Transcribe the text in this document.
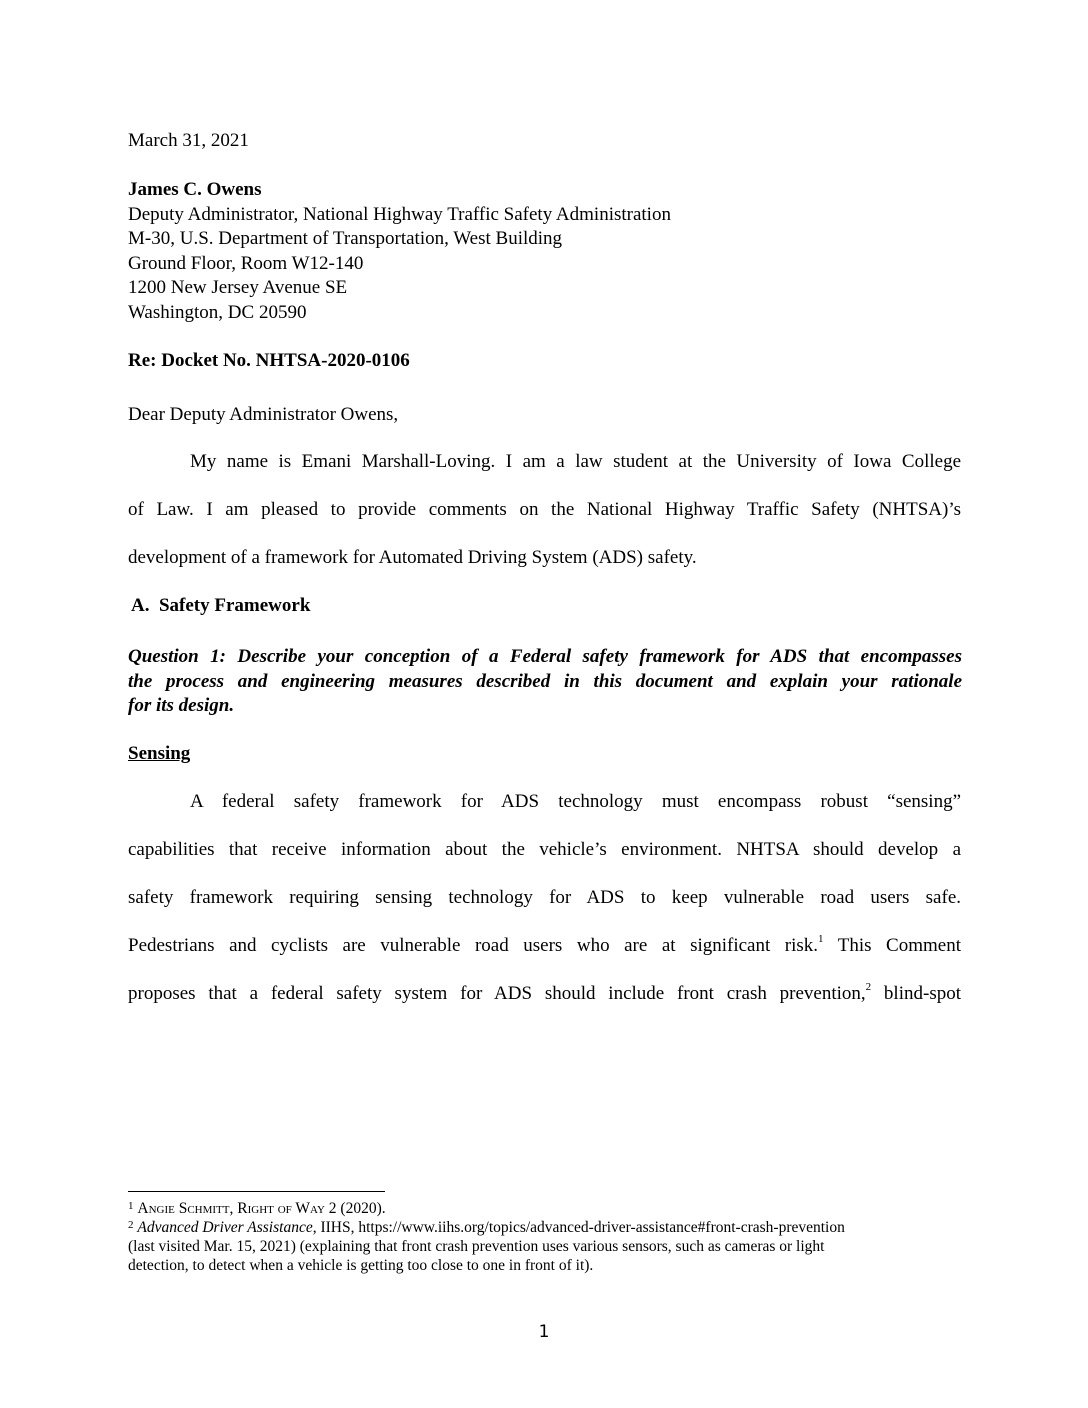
March 31, 2021
James C. Owens
Deputy Administrator, National Highway Traffic Safety Administration
M-30, U.S. Department of Transportation, West Building
Ground Floor, Room W12-140
1200 New Jersey Avenue SE
Washington, DC 20590
Re: Docket No. NHTSA-2020-0106
Dear Deputy Administrator Owens,
My name is Emani Marshall-Loving. I am a law student at the University of Iowa College
of Law. I am pleased to provide comments on the National Highway Traffic Safety (NHTSA)’s
development of a framework for Automated Driving System (ADS) safety.
A.  Safety Framework
Question 1: Describe your conception of a Federal safety framework for ADS that encompasses
the process and engineering measures described in this document and explain your rationale
for its design.
Sensing
A federal safety framework for ADS technology must encompass robust “sensing”
capabilities that receive information about the vehicle’s environment. NHTSA should develop a
safety framework requiring sensing technology for ADS to keep vulnerable road users safe.
Pedestrians and cyclists are vulnerable road users who are at significant risk.$^1$ This Comment
proposes that a federal safety system for ADS should include front crash prevention,$^2$ blind-spot
$^1$ Angie Schmitt, Right of Way 2 (2020).
$^2$ Advanced Driver Assistance, IIHS, https://www.iihs.org/topics/advanced-driver-assistance#front-crash-prevention
(last visited Mar. 15, 2021) (explaining that front crash prevention uses various sensors, such as cameras or light
detection, to detect when a vehicle is getting too close to one in front of it).
1
